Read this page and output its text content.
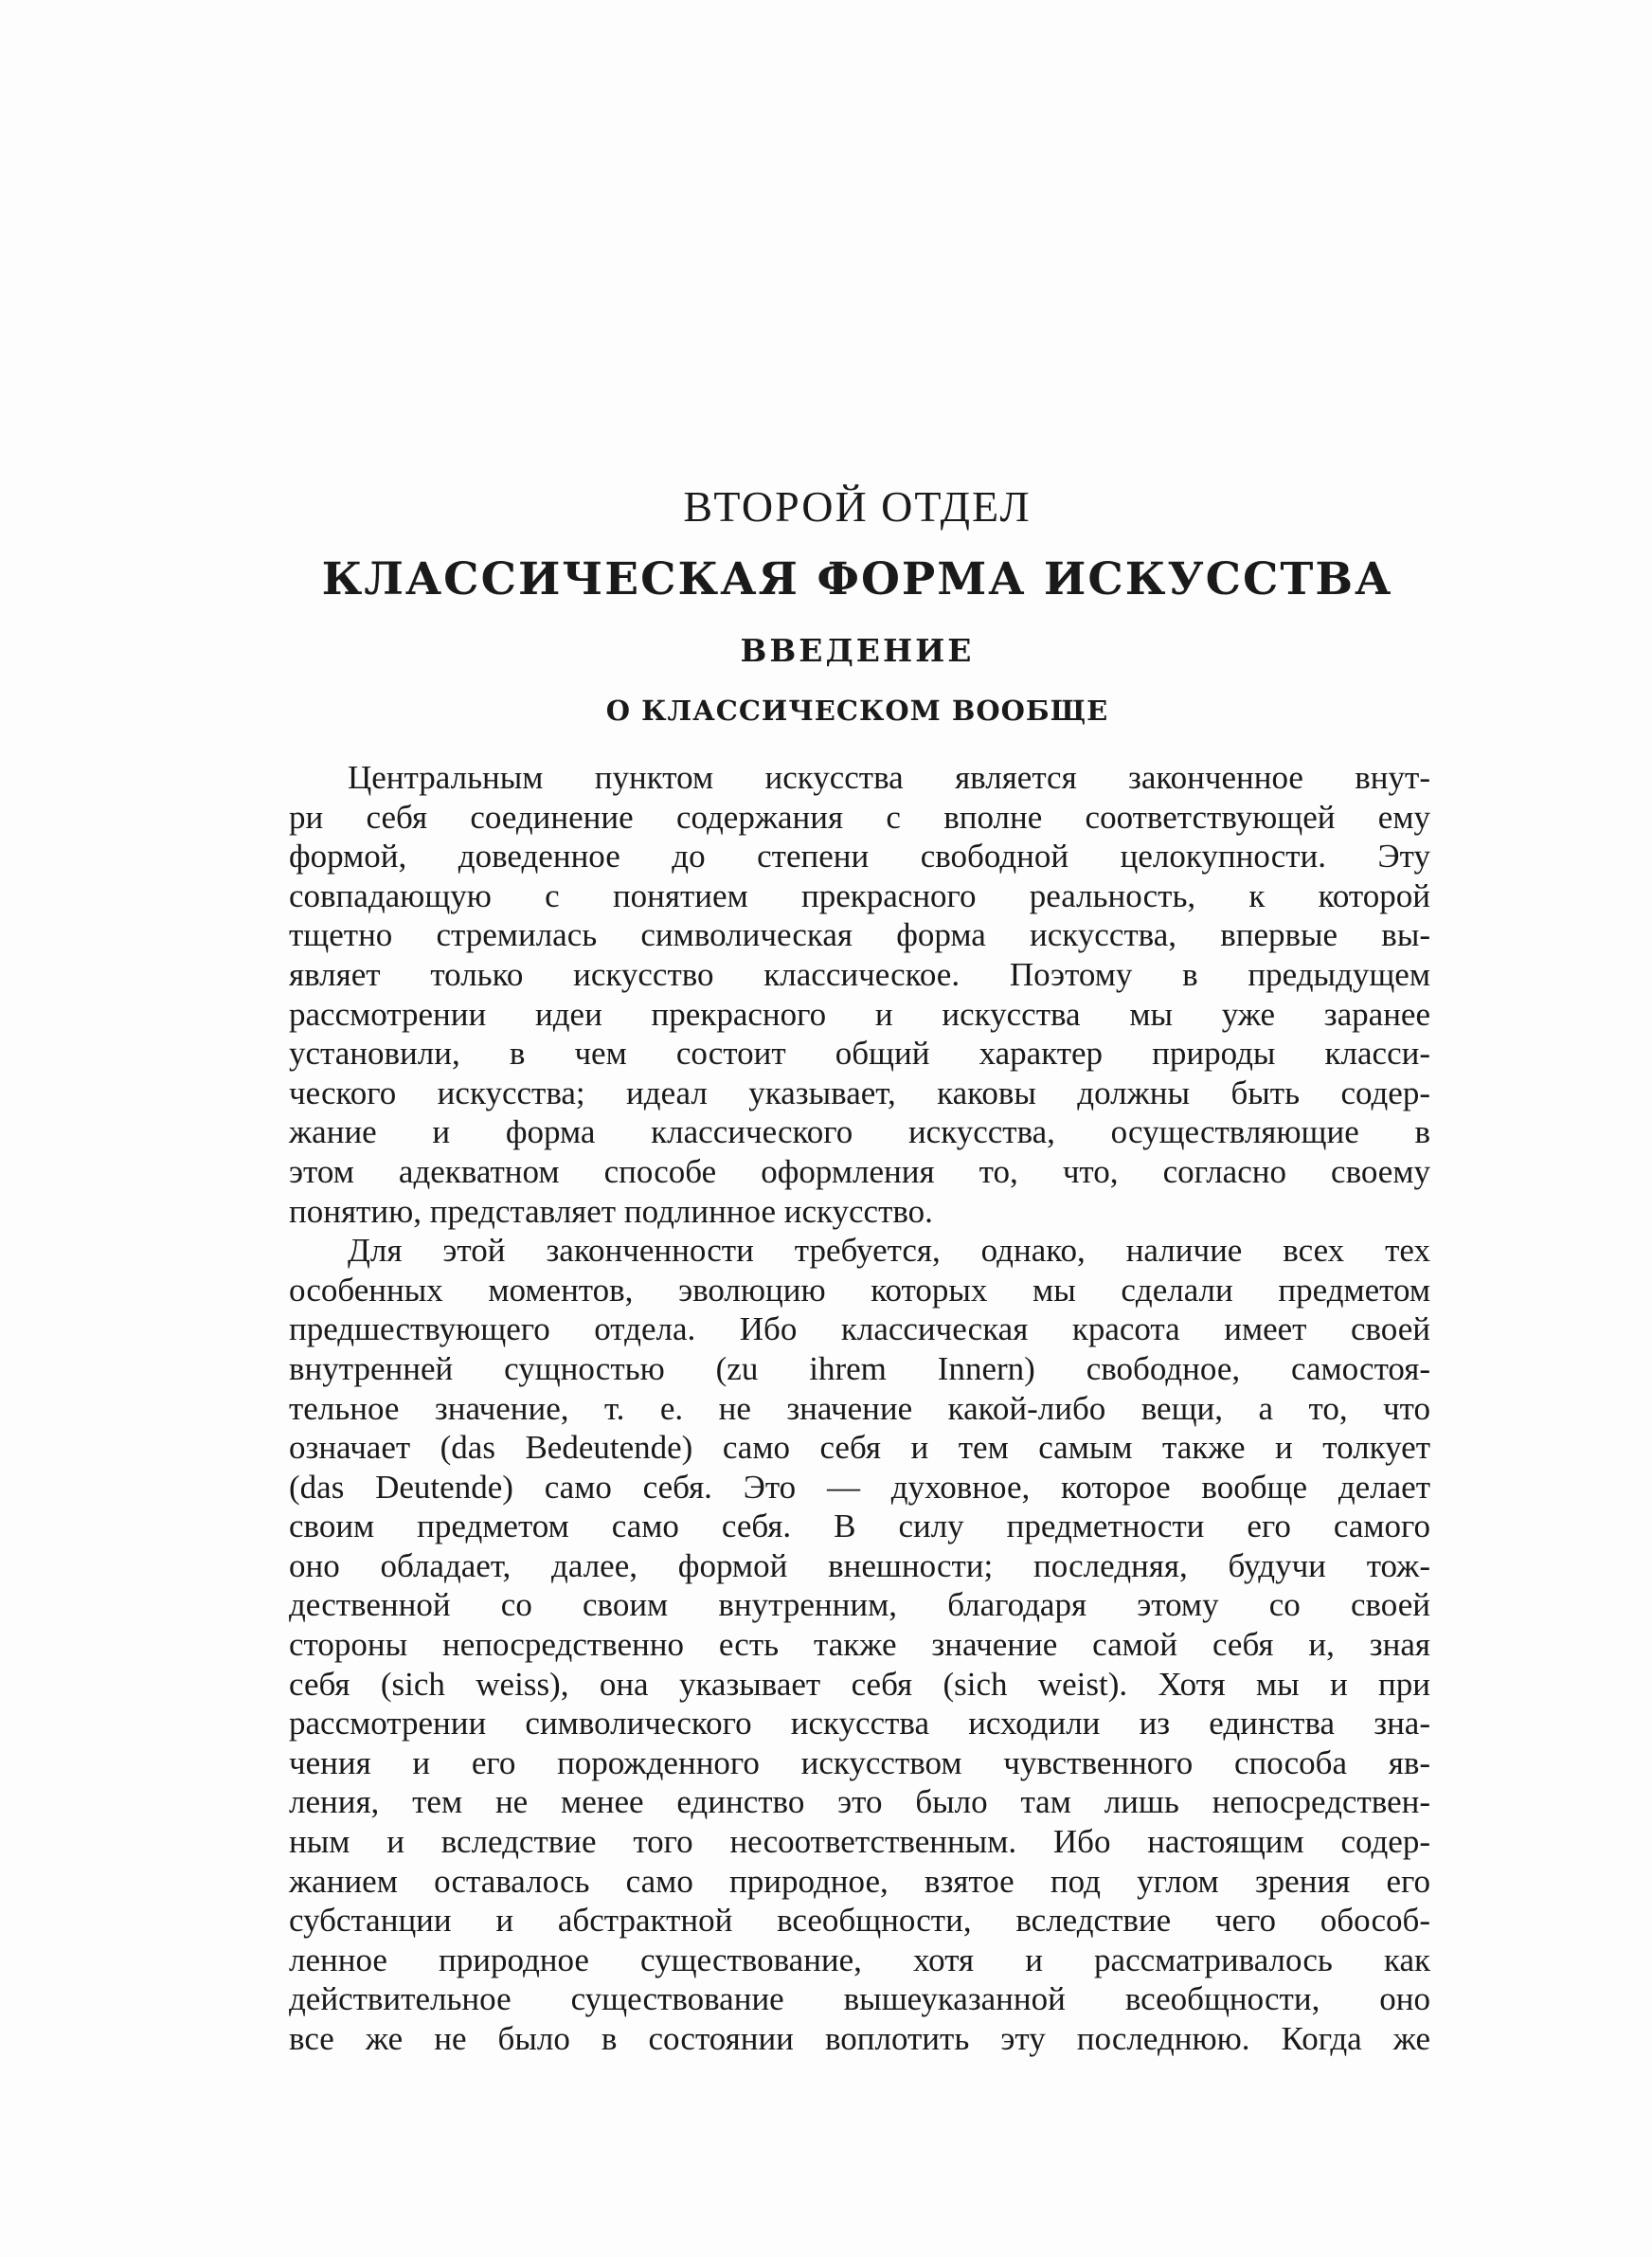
ВТОРОЙ ОТДЕЛ
КЛАССИЧЕСКАЯ ФОРМА ИСКУССТВА
ВВЕДЕНИЕ
О КЛАССИЧЕСКОМ ВООБЩЕ
Центральным пунктом искусства является законченное внут-
ри себя соединение содержания с вполне соответствующей ему
формой, доведенное до степени свободной целокупности. Эту
совпадающую с понятием прекрасного реальность, к которой
тщетно стремилась символическая форма искусства, впервые вы-
являет только искусство классическое. Поэтому в предыдущем
рассмотрении идеи прекрасного и искусства мы уже заранее
установили, в чем состоит общий характер природы класси-
ческого искусства; идеал указывает, каковы должны быть содер-
жание и форма классического искусства, осуществляющие в
этом адекватном способе оформления то, что, согласно своему
понятию, представляет подлинное искусство.
Для этой законченности требуется, однако, наличие всех тех
особенных моментов, эволюцию которых мы сделали предметом
предшествующего отдела. Ибо классическая красота имеет своей
внутренней сущностью (zu ihrem Innern) свободное, самостоя-
тельное значение, т. е. не значение какой-либо вещи, а то, что
означает (das Bedeutende) само себя и тем самым также и толкует
(das Deutende) само себя. Это — духовное, которое вообще делает
своим предметом само себя. В силу предметности его самого
оно обладает, далее, формой внешности; последняя, будучи тож-
дественной со своим внутренним, благодаря этому со своей
стороны непосредственно есть также значение самой себя и, зная
себя (sich weiss), она указывает себя (sich weist). Хотя мы и при
рассмотрении символического искусства исходили из единства зна-
чения и его порожденного искусством чувственного способа яв-
ления, тем не менее единство это было там лишь непосредствен-
ным и вследствие того несоответственным. Ибо настоящим содер-
жанием оставалось само природное, взятое под углом зрения его
субстанции и абстрактной всеобщности, вследствие чего обособ-
ленное природное существование, хотя и рассматривалось как
действительное существование вышеуказанной всеобщности, оно
все же не было в состоянии воплотить эту последнюю. Когда же
